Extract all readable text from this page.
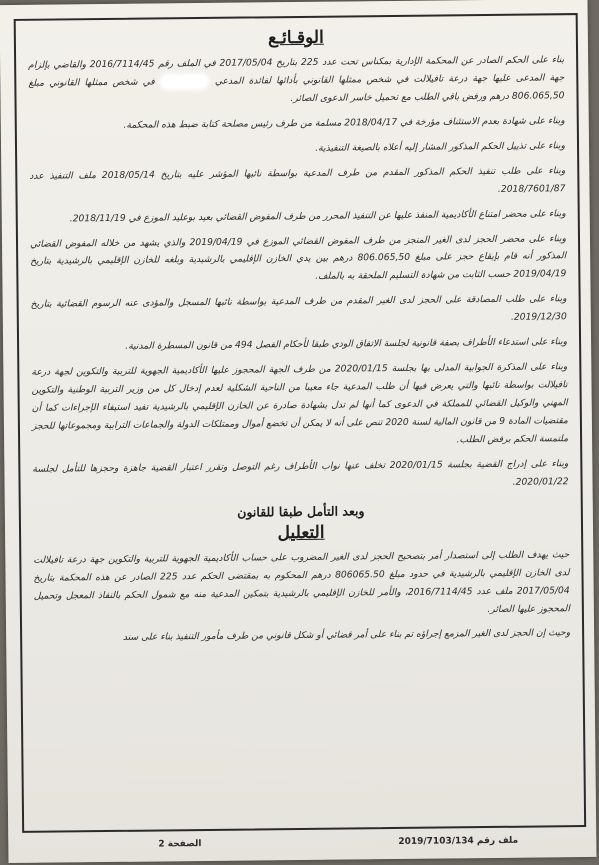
الوقـائـع

بناء على الحكم الصادر عن المحكمة الإدارية بمكناس تحت عدد 225 بتاريخ 2017/05/04 في الملف رقم 2016/7114/45 والقاضي بإلزام جهة المدعى عليها جهة درعة تافيلالت في شخص ممثلها القانوني بأدائها لفائدة المدعي  في شخص ممثلها القانوني مبلغ 806.065,50 درهم ورفض باقي الطلب مع تحميل خاسر الدعوى الصائر.

وبناء على شهادة بعدم الاستئناف مؤرخة في 2018/04/17 مسلمة من طرف رئيس مصلحة كتابة ضبط هذه المحكمة.

وبناء على تذييل الحكم المذكور المشار إليه أعلاه بالصيغة التنفيذية.

وبناء على طلب تنفيذ الحكم المذكور المقدم من طرف المدعية بواسطة نائبها المؤشر عليه بتاريخ 2018/05/14 ملف التنفيذ عدد 2018/7601/87.

وبناء على محضر امتناع الأكاديمية المنفذ عليها عن التنفيذ المحرر من طرف المفوض القضائي بعيد بوعليد الموزع في 2018/11/19.

وبناء على محضر الحجز لدى الغير المنجز من طرف المفوض القضائي الموزع في 2019/04/19 والذي يشهد من خلاله المفوض القضائي المذكور أنه قام بإيقاع حجز على مبلغ 806.065,50 درهم بين يدي الخازن الإقليمي بالرشيدية وبلغه للخازن الإقليمي بالرشيدية بتاريخ 2019/04/19 حسب الثابت من شهادة التسليم الملحقة به بالملف.

وبناء على طلب المصادقة على الحجز لدى الغير المقدم من طرف المدعية بواسطة نائبها المسجل والمؤدى عنه الرسوم القضائية بتاريخ 2019/12/30.

وبناء على استدعاء الأطراف بصفة قانونية لجلسة الاتفاق الودي طبقا لأحكام الفصل 494 من قانون المسطرة المدنية.

وبناء على المذكرة الجوابية المدلى بها بجلسة 2020/01/15 من طرف الجهة المحجوز عليها الأكاديمية الجهوية للتربية والتكوين لجهة درعة تافيلالت بواسطة نائبها والتي يعرض فيها أن طلب المدعية جاء معيبا من الناحية الشكلية لعدم إدخال كل من وزير التربية الوطنية والتكوين المهني والوكيل القضائي للمملكة في الدعوى كما أنها لم تدل بشهادة صادرة عن الخازن الإقليمي بالرشيدية تفيد استيفاء الإجراءات كما أن مقتضيات المادة 9 من قانون المالية لسنة 2020 تنص على أنه لا يمكن أن تخضع أموال وممتلكات الدولة والجماعات الترابية ومجموعاتها للحجز ملتمسة الحكم برفض الطلب.

وبناء على إدراج القضية بجلسة 2020/01/15 تخلف عنها نواب الأطراف رغم التوصل وتقرر اعتبار القضية جاهزة وحجزها للتأمل لجلسة 2020/01/22.

وبعد التأمل طبقا للقانون
التعليل

حيث يهدف الطلب إلى استصدار أمر بتصحيح الحجز لدى الغير المضروب على حساب الأكاديمية الجهوية للتربية والتكوين جهة درعة تافيلالت لدى الخازن الإقليمي بالرشيدية في حدود مبلغ 806065.50 درهم المحكوم به بمقتضى الحكم عدد 225 الصادر عن هذه المحكمة بتاريخ 2017/05/04 ملف عدد 2016/7114/45، والأمر للخازن الإقليمي بالرشيدية بتمكين المدعية منه مع شمول الحكم بالنفاذ المعجل وتحميل المحجوز عليها الصائر.

وحيث إن الحجز لدى الغير المزمع إجراؤه تم بناء على أمر قضائي أو شكل قانوني من طرف مأمور التنفيذ بناء على سند

الصفحة 2	ملف رقم 2019/7103/134
